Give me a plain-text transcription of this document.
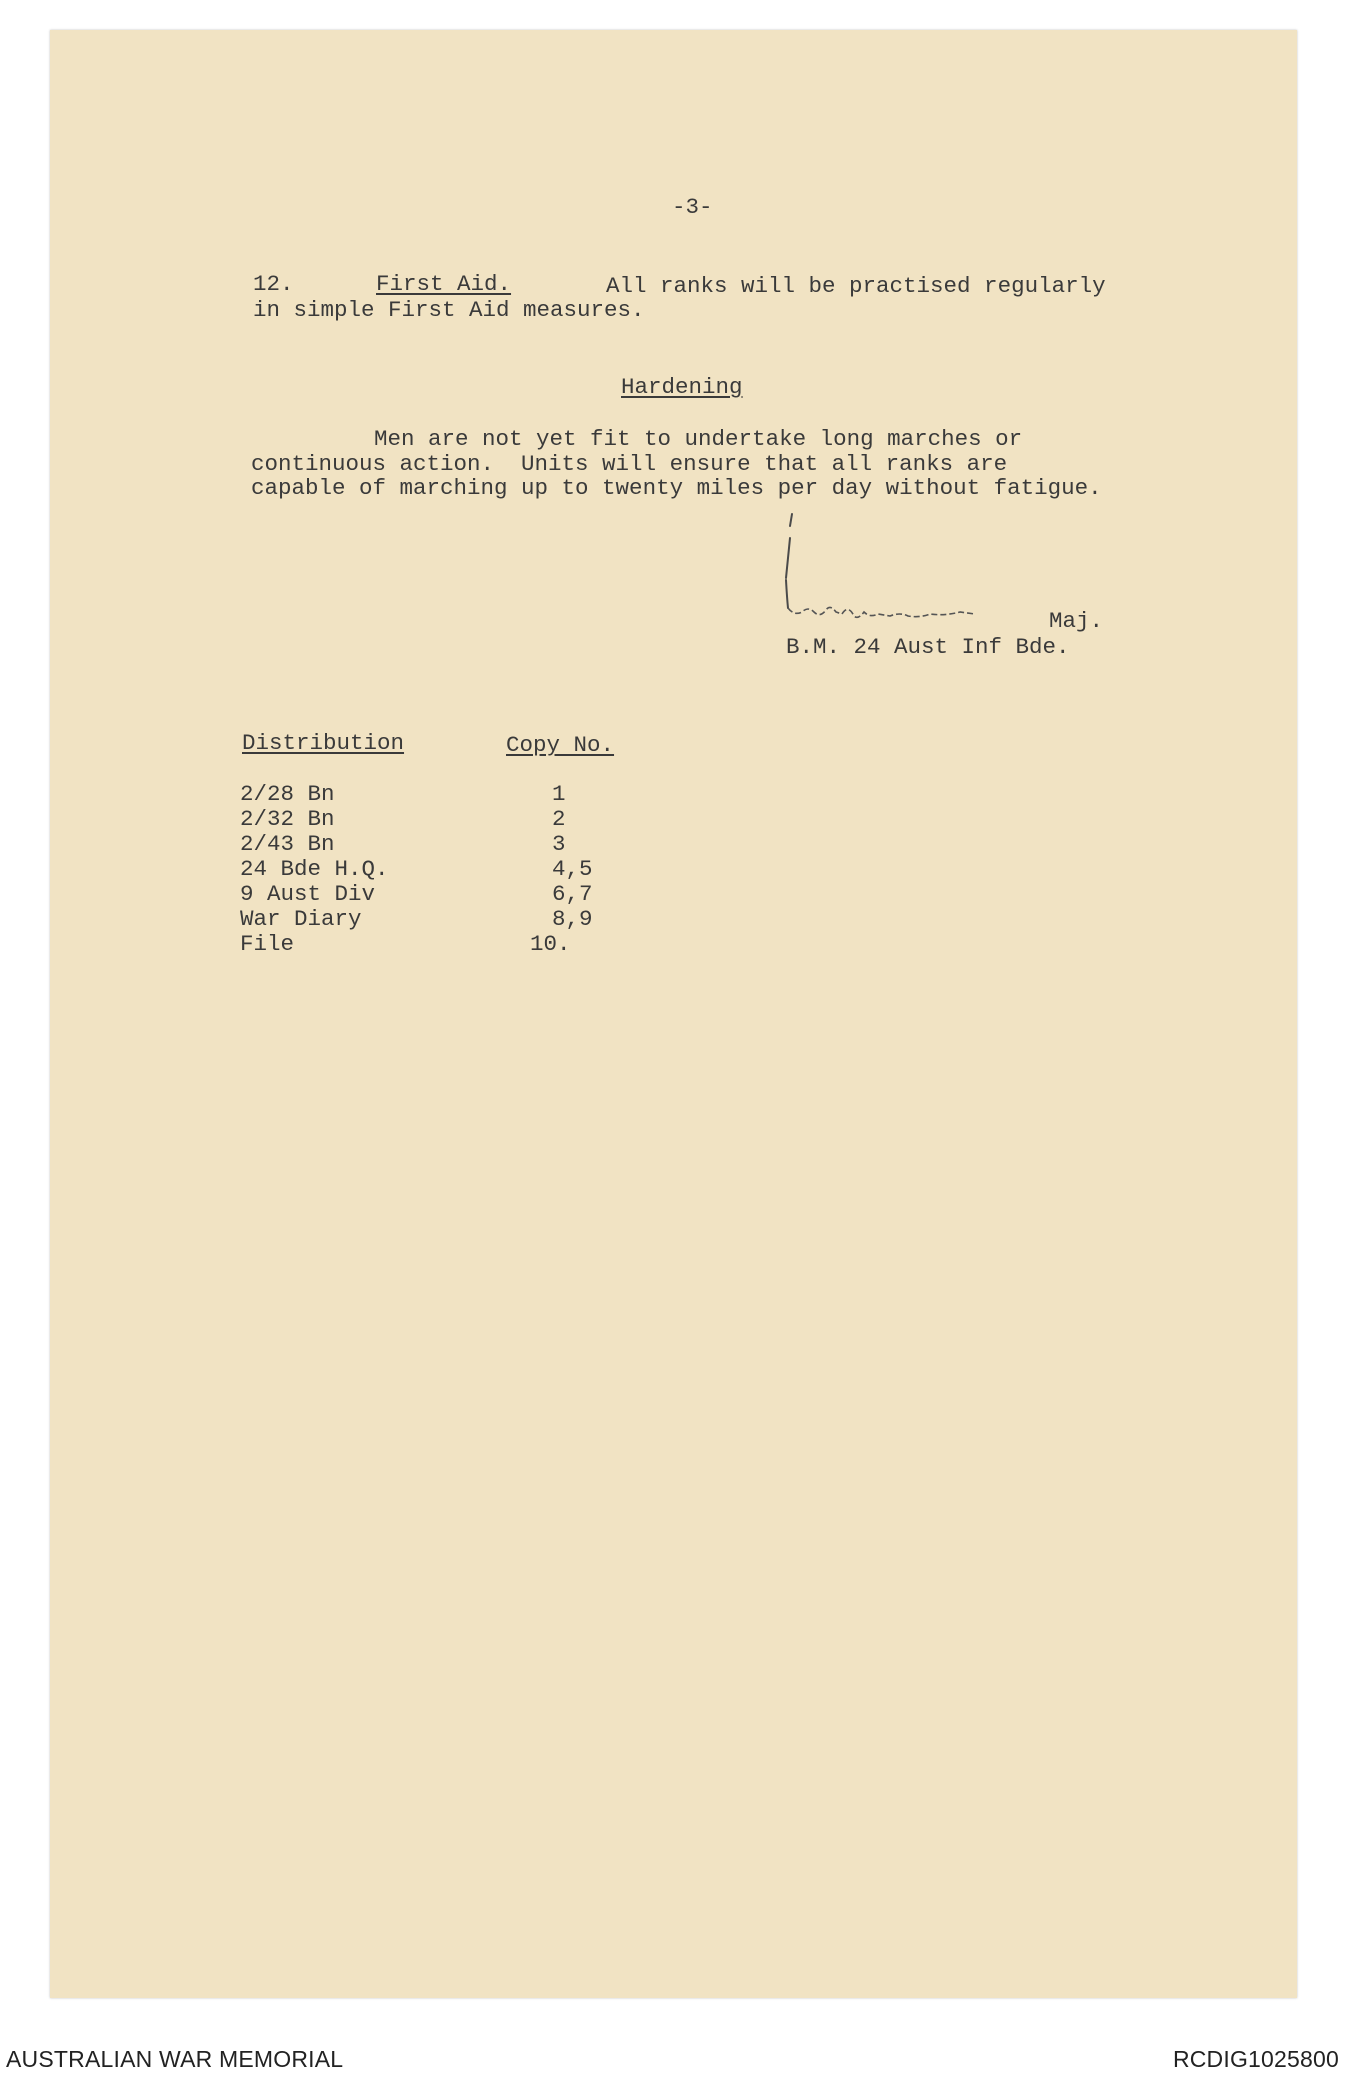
-3-
12.	First Aid.	All ranks will be practised regularly
in simple First Aid measures.
Hardening
Men are not yet fit to undertake long marches or
continuous action.  Units will ensure that all ranks are
capable of marching up to twenty miles per day without fatigue.
Maj.
B.M. 24 Aust Inf Bde.
Distribution	Copy No.
2/28 Bn	1
2/32 Bn	2
2/43 Bn	3
24 Bde H.Q.	4,5
9 Aust Div	6,7
War Diary	8,9
File	10.
AUSTRALIAN WAR MEMORIAL	RCDIG1025800
